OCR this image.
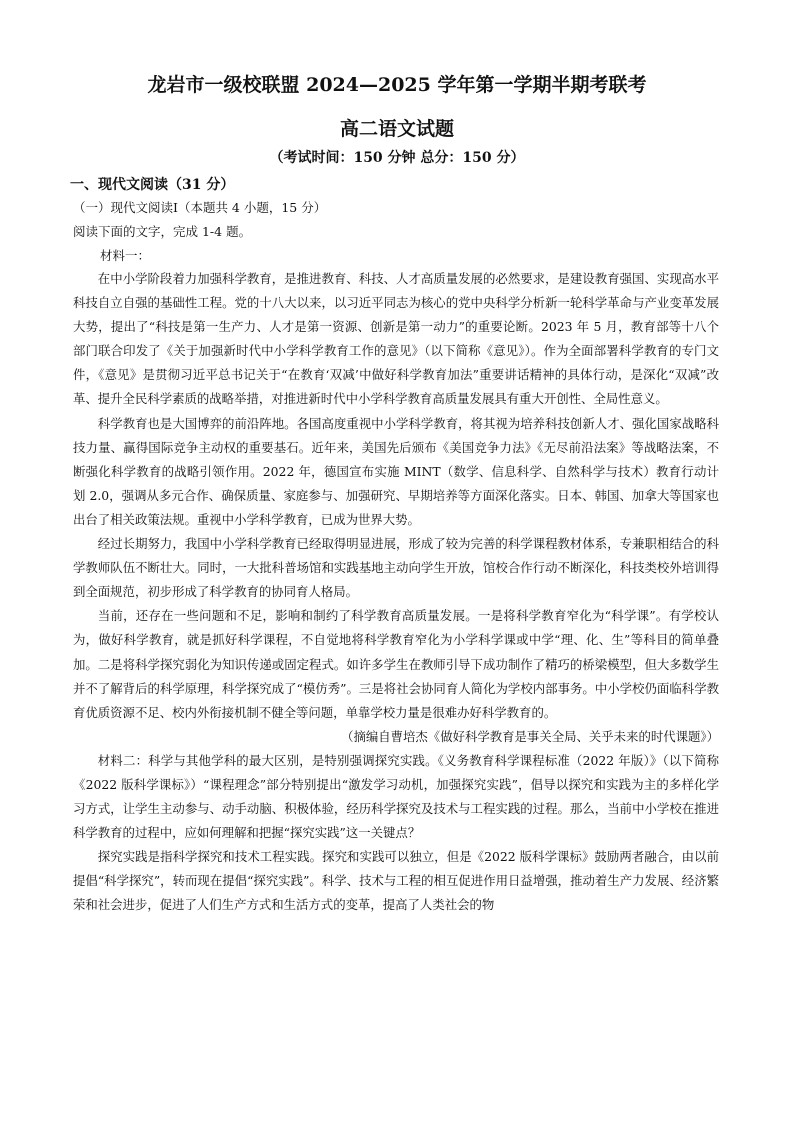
龙岩市一级校联盟 2024—2025 学年第一学期半期考联考
高二语文试题
（考试时间：150 分钟 总分：150 分）
一、现代文阅读（31 分）
（一）现代文阅读I（本题共 4 小题，15 分）
阅读下面的文字，完成 1-4 题。
材料一：

在中小学阶段着力加强科学教育，是推进教育、科技、人才高质量发展的必然要求，是建设教育强国、实现高水平科技自立自强的基础性工程。党的十八大以来，以习近平同志为核心的党中央科学分析新一轮科学革命与产业变革发展大势，提出了“科技是第一生产力、人才是第一资源、创新是第一动力”的重要论断。2023 年 5 月，教育部等十八个部门联合印发了《关于加强新时代中小学科学教育工作的意见》（以下简称《意见》）。作为全面部署科学教育的专门文件，《意见》是贯彻习近平总书记关于“在教育‘双减’中做好科学教育加法”重要讲话精神的具体行动，是深化“双减”改革、提升全民科学素质的战略举措，对推进新时代中小学科学教育高质量发展具有重大开创性、全局性意义。

科学教育也是大国博弈的前沿阵地。各国高度重视中小学科学教育，将其视为培养科技创新人才、强化国家战略科技力量、赢得国际竞争主动权的重要基石。近年来，美国先后颁布《美国竞争力法》《无尽前沿法案》等战略法案，不断强化科学教育的战略引领作用。2022 年，德国宣布实施 MINT（数学、信息科学、自然科学与技术）教育行动计划 2.0，强调从多元合作、确保质量、家庭参与、加强研究、早期培养等方面深化落实。日本、韩国、加拿大等国家也出台了相关政策法规。重视中小学科学教育，已成为世界大势。

经过长期努力，我国中小学科学教育已经取得明显进展，形成了较为完善的科学课程教材体系，专兼职相结合的科学教师队伍不断壮大。同时，一大批科普场馆和实践基地主动向学生开放，馆校合作行动不断深化，科技类校外培训得到全面规范，初步形成了科学教育的协同育人格局。

当前，还存在一些问题和不足，影响和制约了科学教育高质量发展。一是将科学教育窄化为“科学课”。有学校认为，做好科学教育，就是抓好科学课程，不自觉地将科学教育窄化为小学科学课或中学“理、化、生”等科目的简单叠加。二是将科学探究弱化为知识传递或固定程式。如许多学生在教师引导下成功制作了精巧的桥梁模型，但大多数学生并不了解背后的科学原理，科学探究成了“模仿秀”。三是将社会协同育人简化为学校内部事务。中小学校仍面临科学教育优质资源不足、校内外衔接机制不健全等问题，单靠学校力量是很难办好科学教育的。

（摘编自曹培杰《做好科学教育是事关全局、关乎未来的时代课题》）

材料二：科学与其他学科的最大区别，是特别强调探究实践。《义务教育科学课程标准（2022 年版）》（以下简称《2022 版科学课标》）“课程理念”部分特别提出“激发学习动机，加强探究实践”，倡导以探究和实践为主的多样化学习方式，让学生主动参与、动手动脑、积极体验，经历科学探究及技术与工程实践的过程。那么，当前中小学校在推进科学教育的过程中，应如何理解和把握“探究实践”这一关键点？

探究实践是指科学探究和技术工程实践。探究和实践可以独立，但是《2022 版科学课标》鼓励两者融合，由以前提倡“科学探究”，转而现在提倡“探究实践”。科学、技术与工程的相互促进作用日益增强，推动着生产力发展、经济繁荣和社会进步，促进了人们生产方式和生活方式的变革，提高了人类社会的物
